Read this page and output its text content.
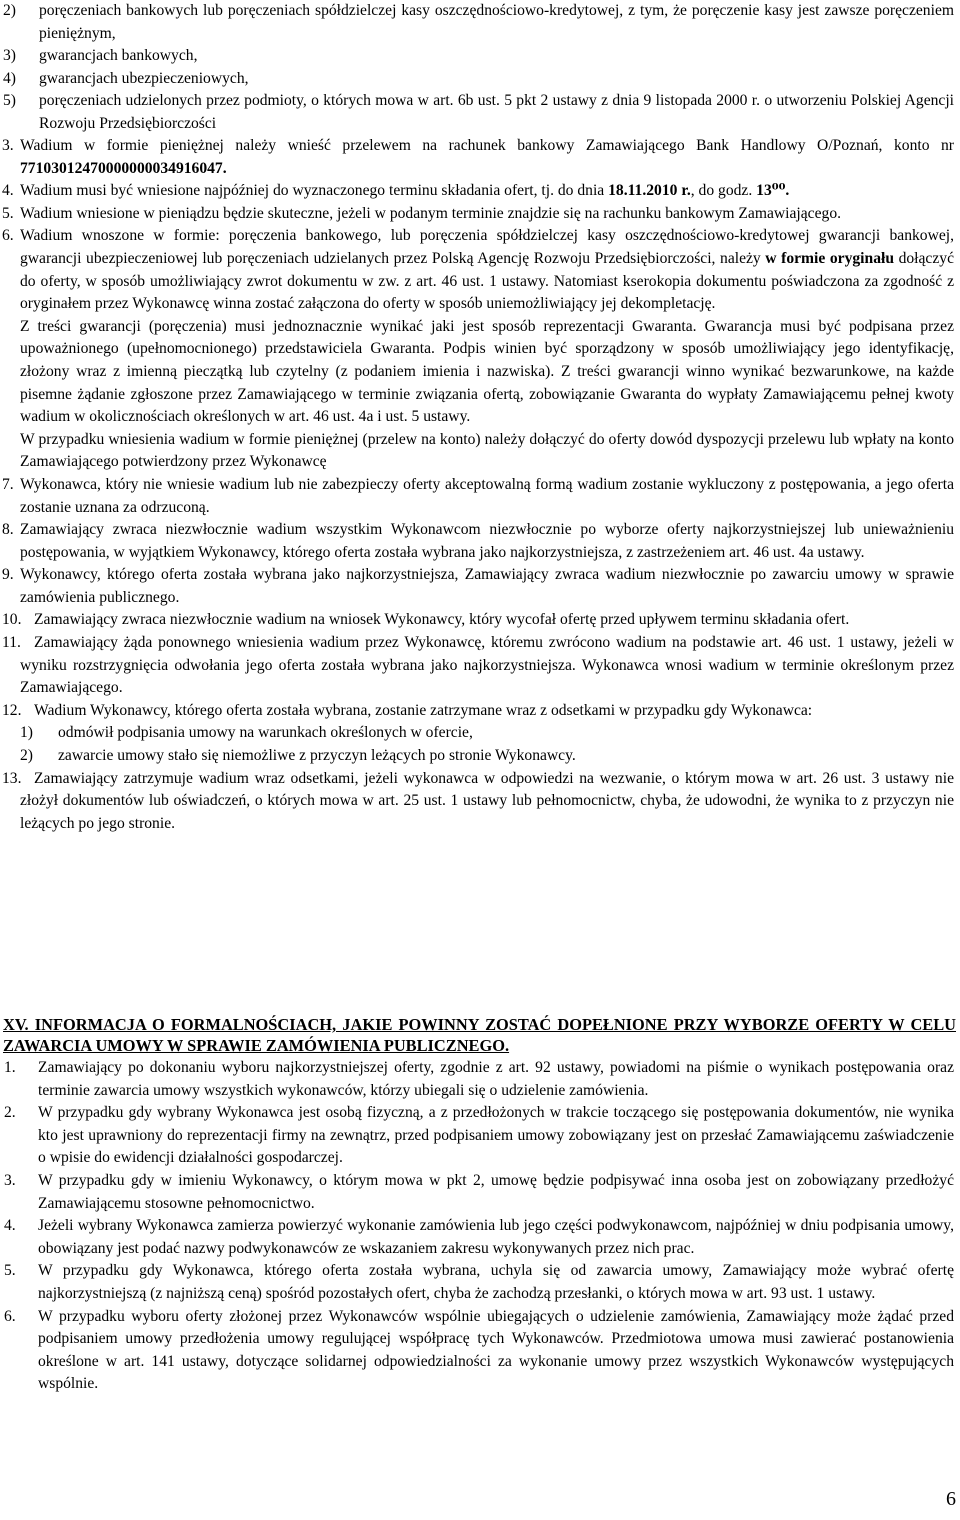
2) poręczeniach bankowych lub poręczeniach spółdzielczej kasy oszczędnościowo-kredytowej, z tym, że poręczenie kasy jest zawsze poręczeniem pieniężnym,
3) gwarancjach bankowych,
4) gwarancjach ubezpieczeniowych,
5) poręczeniach udzielonych przez podmioty, o których mowa w art. 6b ust. 5 pkt 2 ustawy z dnia 9 listopada 2000 r. o utworzeniu Polskiej Agencji Rozwoju Przedsiębiorczości
3. Wadium w formie pieniężnej należy wnieść przelewem na rachunek bankowy Zamawiającego Bank Handlowy O/Poznań, konto nr 77103012470000000034916047.
4. Wadium musi być wniesione najpóźniej do wyznaczonego terminu składania ofert, tj. do dnia 18.11.2010 r., do godz. 13⁰⁰.
5. Wadium wniesione w pieniądzu będzie skuteczne, jeżeli w podanym terminie znajdzie się na rachunku bankowym Zamawiającego.
6. Wadium wnoszone w formie: poręczenia bankowego, lub poręczenia spółdzielczej kasy oszczędnościowo-kredytowej gwarancji bankowej, gwarancji ubezpieczeniowej lub poręczeniach udzielanych przez Polską Agencję Rozwoju Przedsiębiorczości, należy w formie oryginału dołączyć do oferty, w sposób umożliwiający zwrot dokumentu w zw. z art. 46 ust. 1 ustawy. Natomiast kserokopia dokumentu poświadczona za zgodność z oryginałem przez Wykonawcę winna zostać załączona do oferty w sposób uniemożliwiający jej dekompletację.
Z treści gwarancji (poręczenia) musi jednoznacznie wynikać jaki jest sposób reprezentacji Gwaranta. Gwarancja musi być podpisana przez upoważnionego (upełnomocnionego) przedstawiciela Gwaranta. Podpis winien być sporządzony w sposób umożliwiający jego identyfikację, złożony wraz z imienną pieczątką lub czytelny (z podaniem imienia i nazwiska). Z treści gwarancji winno wynikać bezwarunkowe, na każde pisemne żądanie zgłoszone przez Zamawiającego w terminie związania ofertą, zobowiązanie Gwaranta do wypłaty Zamawiającemu pełnej kwoty wadium w okolicznościach określonych w art. 46 ust. 4a i ust. 5 ustawy.
W przypadku wniesienia wadium w formie pieniężnej (przelew na konto) należy dołączyć do oferty dowód dyspozycji przelewu lub wpłaty na konto Zamawiającego potwierdzony przez Wykonawcę
7. Wykonawca, który nie wniesie wadium lub nie zabezpieczy oferty akceptowalną formą wadium zostanie wykluczony z postępowania, a jego oferta zostanie uznana za odrzuconą.
8. Zamawiający zwraca niezwłocznie wadium wszystkim Wykonawcom niezwłocznie po wyborze oferty najkorzystniejszej lub unieważnieniu postępowania, w wyjątkiem Wykonawcy, którego oferta została wybrana jako najkorzystniejsza, z zastrzeżeniem art. 46 ust. 4a ustawy.
9. Wykonawcy, którego oferta została wybrana jako najkorzystniejsza, Zamawiający zwraca wadium niezwłocznie po zawarciu umowy w sprawie zamówienia publicznego.
10. Zamawiający zwraca niezwłocznie wadium na wniosek Wykonawcy, który wycofał ofertę przed upływem terminu składania ofert.
11. Zamawiający żąda ponownego wniesienia wadium przez Wykonawcę, któremu zwrócono wadium na podstawie art. 46 ust. 1 ustawy, jeżeli w wyniku rozstrzygnięcia odwołania jego oferta została wybrana jako najkorzystniejsza. Wykonawca wnosi wadium w terminie określonym przez Zamawiającego.
12. Wadium Wykonawcy, którego oferta została wybrana, zostanie zatrzymane wraz z odsetkami w przypadku gdy Wykonawca:
1) odmówił podpisania umowy na warunkach określonych w ofercie,
2) zawarcie umowy stało się niemożliwe z przyczyn leżących po stronie Wykonawcy.
13. Zamawiający zatrzymuje wadium wraz odsetkami, jeżeli wykonawca w odpowiedzi na wezwanie, o którym mowa w art. 26 ust. 3 ustawy nie złożył dokumentów lub oświadczeń, o których mowa w art. 25 ust. 1 ustawy lub pełnomocnictw, chyba, że udowodni, że wynika to z przyczyn nie leżących po jego stronie.
XV. INFORMACJA O FORMALNOŚCIACH, JAKIE POWINNY ZOSTAĆ DOPEŁNIONE PRZY WYBORZE OFERTY W CELU ZAWARCIA UMOWY W SPRAWIE ZAMÓWIENIA PUBLICZNEGO.
1. Zamawiający po dokonaniu wyboru najkorzystniejszej oferty, zgodnie z art. 92 ustawy, powiadomi na piśmie o wynikach postępowania oraz terminie zawarcia umowy wszystkich wykonawców, którzy ubiegali się o udzielenie zamówienia.
2. W przypadku gdy wybrany Wykonawca jest osobą fizyczną, a z przedłożonych w trakcie toczącego się postępowania dokumentów, nie wynika kto jest uprawniony do reprezentacji firmy na zewnątrz, przed podpisaniem umowy zobowiązany jest on przesłać Zamawiającemu zaświadczenie o wpisie do ewidencji działalności gospodarczej.
3. W przypadku gdy w imieniu Wykonawcy, o którym mowa w pkt 2, umowę będzie podpisywać inna osoba jest on zobowiązany przedłożyć Zamawiającemu stosowne pełnomocnictwo.
4. Jeżeli wybrany Wykonawca zamierza powierzyć wykonanie zamówienia lub jego części podwykonawcom, najpóźniej w dniu podpisania umowy, obowiązany jest podać nazwy podwykonawców ze wskazaniem zakresu wykonywanych przez nich prac.
5. W przypadku gdy Wykonawca, którego oferta została wybrana, uchyla się od zawarcia umowy, Zamawiający może wybrać ofertę najkorzystniejszą (z najniższą ceną) spośród pozostałych ofert, chyba że zachodzą przesłanki, o których mowa w art. 93 ust. 1 ustawy.
6. W przypadku wyboru oferty złożonej przez Wykonawców wspólnie ubiegających o udzielenie zamówienia, Zamawiający może żądać przed podpisaniem umowy przedłożenia umowy regulującej współpracę tych Wykonawców. Przedmiotowa umowa musi zawierać postanowienia określone w art. 141 ustawy, dotyczące solidarnej odpowiedzialności za wykonanie umowy przez wszystkich Wykonawców występujących wspólnie.
6
